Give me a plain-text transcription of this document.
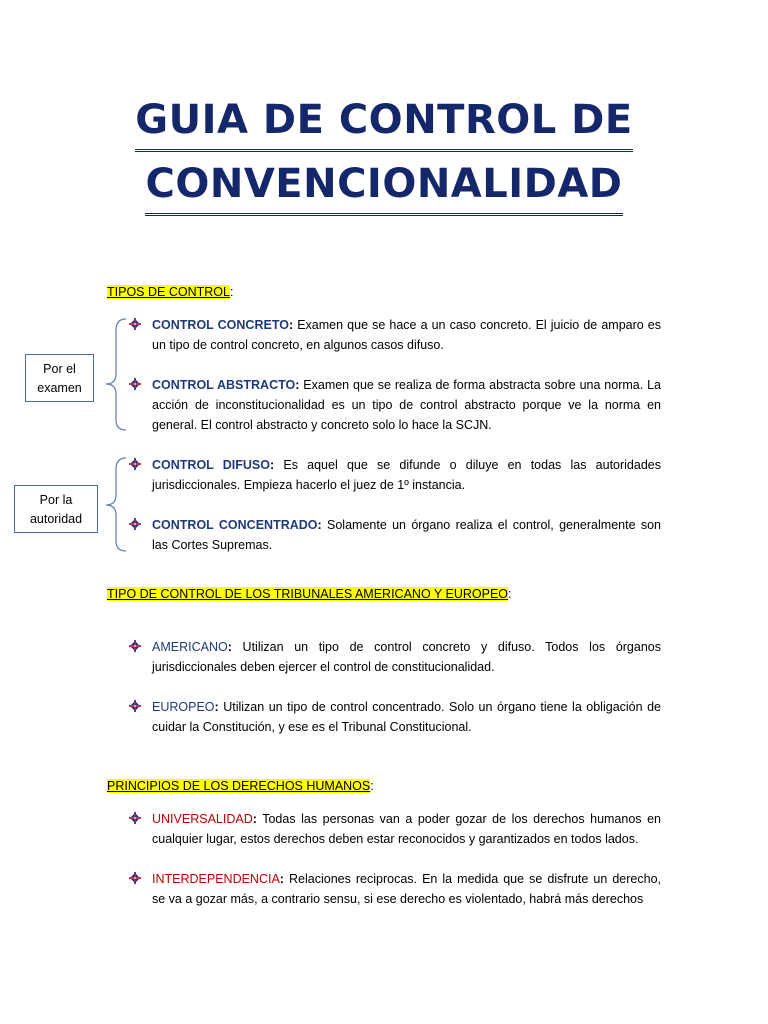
GUIA DE CONTROL DE
CONVENCIONALIDAD
TIPOS DE CONTROL:
Por el
examen
Por la
autoridad
CONTROL CONCRETO: Examen que se hace a un caso concreto. El juicio de amparo es un tipo de control concreto, en algunos casos difuso.
CONTROL ABSTRACTO: Examen que se realiza de forma abstracta sobre una norma. La acción de inconstitucionalidad es un tipo de control abstracto porque ve la norma en general. El control abstracto y concreto solo lo hace la SCJN.
CONTROL DIFUSO: Es aquel que se difunde o diluye en todas las autoridades jurisdiccionales. Empieza hacerlo el juez de 1º instancia.
CONTROL CONCENTRADO: Solamente un órgano realiza el control, generalmente son las Cortes Supremas.
TIPO DE CONTROL DE LOS TRIBUNALES AMERICANO Y EUROPEO:
AMERICANO: Utilizan un tipo de control concreto y difuso. Todos los órganos jurisdiccionales deben ejercer el control de constitucionalidad.
EUROPEO: Utilizan un tipo de control concentrado. Solo un órgano tiene la obligación de cuidar la Constitución, y ese es el Tribunal Constitucional.
PRINCIPIOS DE LOS DERECHOS HUMANOS:
UNIVERSALIDAD: Todas las personas van a poder gozar de los derechos humanos en cualquier lugar, estos derechos deben estar reconocidos y garantizados en todos lados.
INTERDEPENDENCIA: Relaciones reciprocas. En la medida que se disfrute un derecho, se va a gozar más, a contrario sensu, si ese derecho es violentado, habrá más derechos
